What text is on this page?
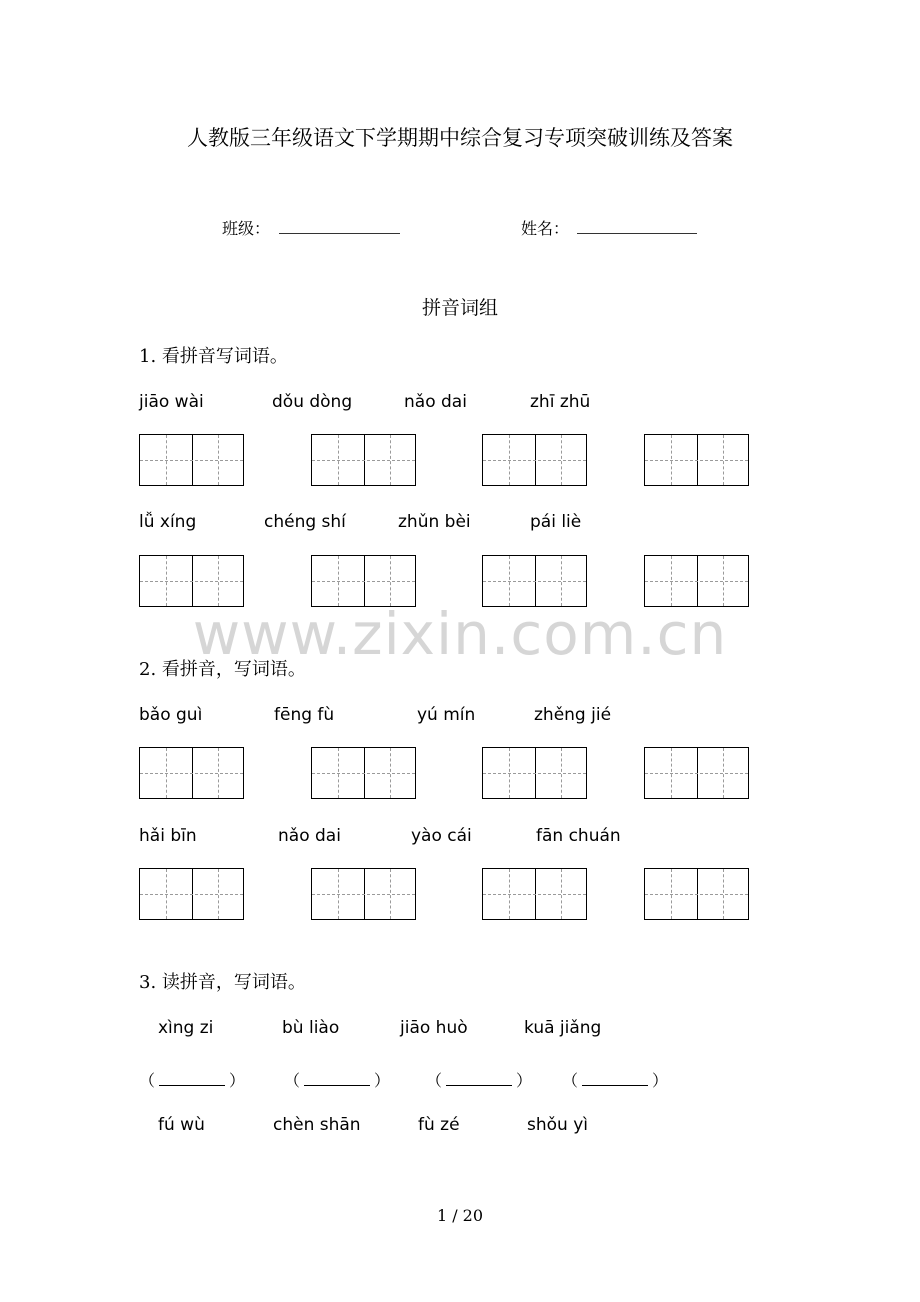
人教版三年级语文下学期期中综合复习专项突破训练及答案
班级：	姓名：
拼音词组
1. 看拼音写词语。
jiāo wài	dǒu dòng	nǎo dai	zhī zhū
lǚ xíng	chéng shí	zhǔn bèi	pái liè
www.zixin.com.cn
2. 看拼音，写词语。
bǎo guì	fēng fù	yú mín	zhěng jié
hǎi bīn	nǎo dai	yào cái	fān chuán
3. 读拼音，写词语。
xìng zi	bù liào	jiāo huò	kuā jiǎng
（	） （	） （	） （	）
fú wù	chèn shān	fù zé	shǒu yì
1 / 20
